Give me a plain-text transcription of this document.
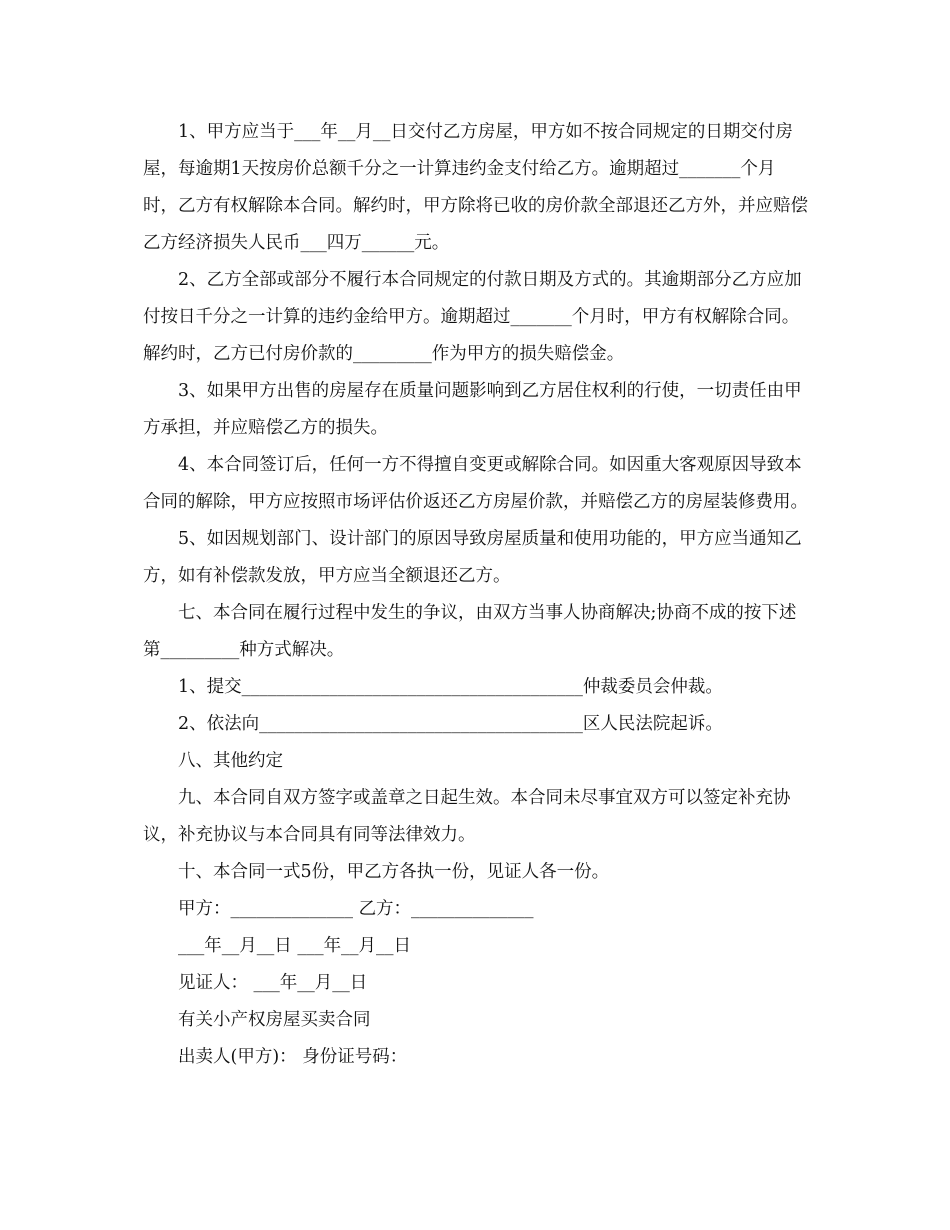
1、甲方应当于___年__月__日交付乙方房屋，甲方如不按合同规定的日期交付房屋，每逾期1天按房价总额千分之一计算违约金支付给乙方。逾期超过_______个月时，乙方有权解除本合同。解约时，甲方除将已收的房价款全部退还乙方外，并应赔偿乙方经济损失人民币___四万______元。

2、乙方全部或部分不履行本合同规定的付款日期及方式的。其逾期部分乙方应加付按日千分之一计算的违约金给甲方。逾期超过_______个月时，甲方有权解除合同。解约时，乙方已付房价款的_________作为甲方的损失赔偿金。

3、如果甲方出售的房屋存在质量问题影响到乙方居住权利的行使，一切责任由甲方承担，并应赔偿乙方的损失。

4、本合同签订后，任何一方不得擅自变更或解除合同。如因重大客观原因导致本合同的解除，甲方应按照市场评估价返还乙方房屋价款，并赔偿乙方的房屋装修费用。

5、如因规划部门、设计部门的原因导致房屋质量和使用功能的，甲方应当通知乙方，如有补偿款发放，甲方应当全额退还乙方。

七、本合同在履行过程中发生的争议，由双方当事人协商解决;协商不成的按下述第_________种方式解决。

1、提交_______________________________________仲裁委员会仲裁。

2、依法向_____________________________________区人民法院起诉。

八、其他约定

九、本合同自双方签字或盖章之日起生效。本合同未尽事宜双方可以签定补充协议，补充协议与本合同具有同等法律效力。

十、本合同一式5份，甲乙方各执一份，见证人各一份。

甲方：______________ 乙方：______________

___年__月__日 ___年__月__日

见证人： ___年__月__日

有关小产权房屋买卖合同

出卖人(甲方)： 身份证号码：
